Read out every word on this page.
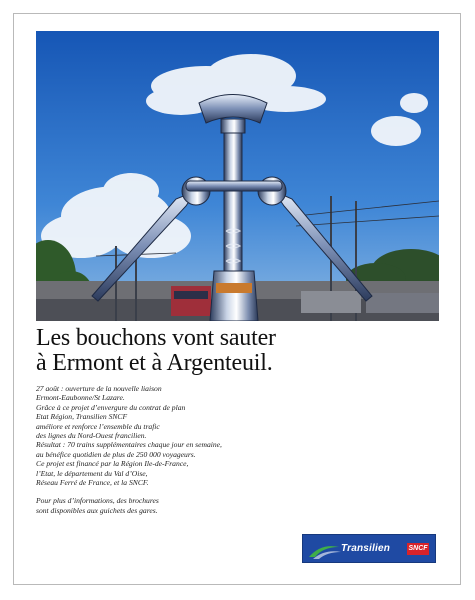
Les bouchons vont sauter
à Ermont et à Argenteuil.
27 août : ouverture de la nouvelle liaison
Ermont-Eaubonne/St Lazare.
Grâce à ce projet d’envergure du contrat de plan
Etat Région, Transilien SNCF
améliore et renforce l’ensemble du trafic
des lignes du Nord-Ouest francilien.
Résultat : 70 trains supplémentaires chaque jour en semaine,
au bénéfice quotidien de plus de 250 000 voyageurs.
Ce projet est financé par la Région Ile-de-France,
l’Etat, le département du Val d’Oise,
Réseau Ferré de France, et la SNCF.
Pour plus d’informations, des brochures
sont disponibles aux guichets des gares.
Transilien	SNCF
